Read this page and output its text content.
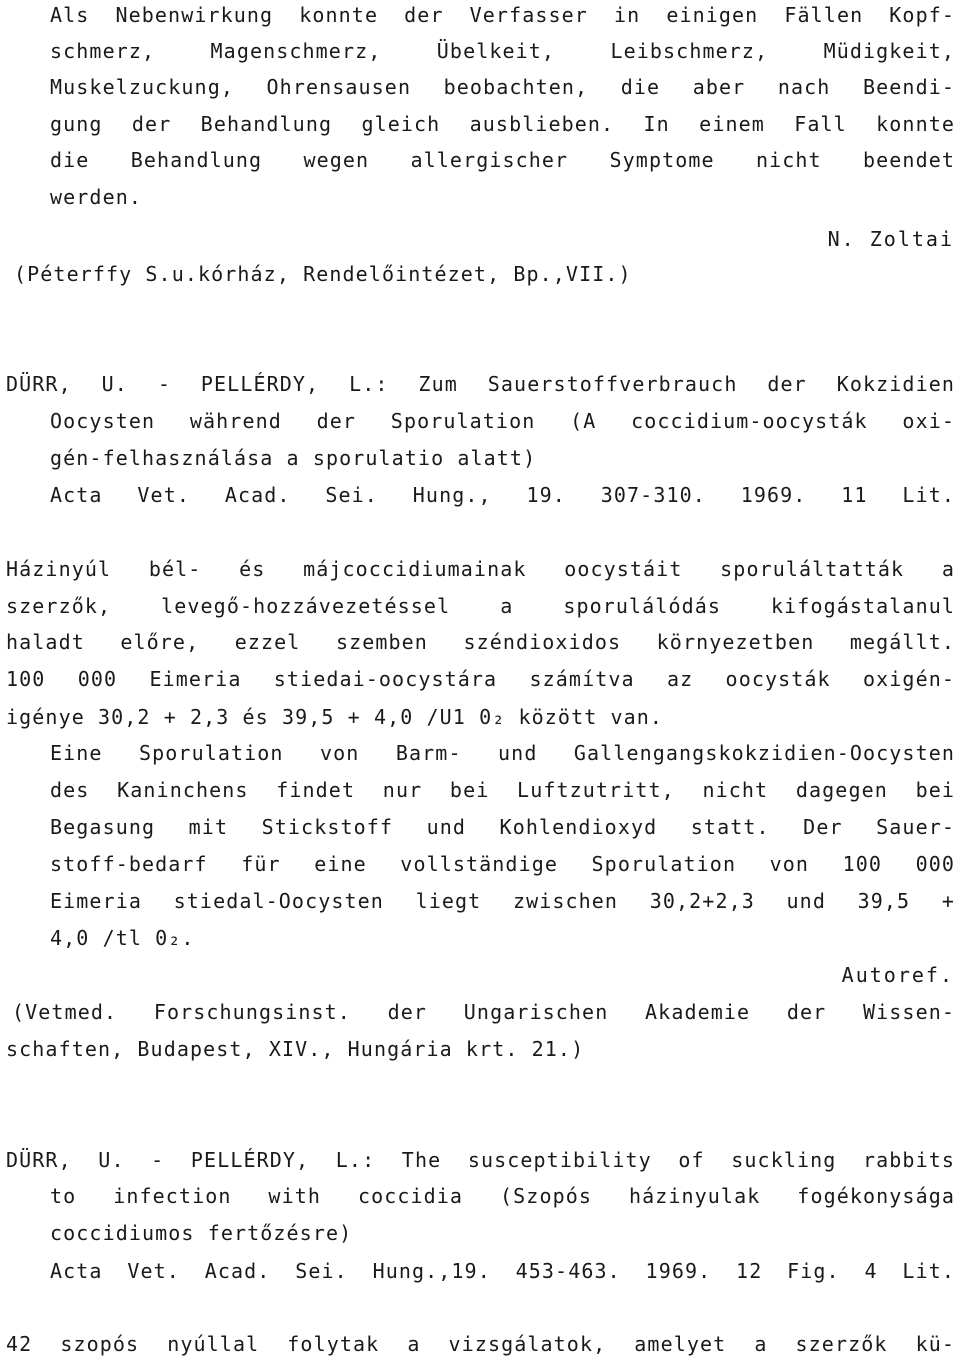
Als Nebenwirkung konnte der Verfasser in einigen Fällen Kopf-
schmerz, Magenschmerz, Übelkeit, Leibschmerz, Müdigkeit,
Muskelzuckung, Ohrensausen beobachten, die aber nach Beendi-
gung der Behandlung gleich ausblieben. In einem Fall konnte
die Behandlung wegen allergischer Symptome nicht beendet
werden.
N. Zoltai
(Péterffy S.u.kórház, Rendelőintézet, Bp.,VII.)
DÜRR, U. - PELLÉRDY, L.: Zum Sauerstoffverbrauch der Kokzidien
Oocysten während der Sporulation (A coccidium-oocysták oxi-
gén-felhasználása a sporulatio alatt)
Acta Vet. Acad. Sei. Hung., 19. 307-310. 1969. 11 Lit.
Házinyúl bél- és májcoccidiumainak oocystáit sporuláltatták a
szerzők, levegő-hozzávezetéssel a sporulálódás kifogástalanul
haladt előre, ezzel szemben széndioxidos környezetben megállt.
100 000 Eimeria stiedai-oocystára számítva az oocysták oxigén-
igénye 30,2 + 2,3 és 39,5 + 4,0 /U1 0₂ között van.
Eine Sporulation von Barm- und Gallengangskokzidien-Oocysten
des Kaninchens findet nur bei Luftzutritt, nicht dagegen bei
Begasung mit Stickstoff und Kohlendioxyd statt. Der Sauer-
stoff-bedarf für eine vollständige Sporulation von 100 000
Eimeria stiedal-Oocysten liegt zwischen 30,2+2,3 und 39,5 +
4,0 /tl 0₂.
Autoref.
(Vetmed. Forschungsinst. der Ungarischen Akademie der Wissen-
schaften, Budapest, XIV., Hungária krt. 21.)
DÜRR, U. - PELLÉRDY, L.: The susceptibility of suckling rabbits
to infection with coccidia (Szopós házinyulak fogékonysága
coccidiumos fertőzésre)
Acta Vet. Acad. Sei. Hung.,19. 453-463. 1969. 12 Fig. 4 Lit.
42 szopós nyúllal folytak a vizsgálatok, amelyet a szerzők kü-
